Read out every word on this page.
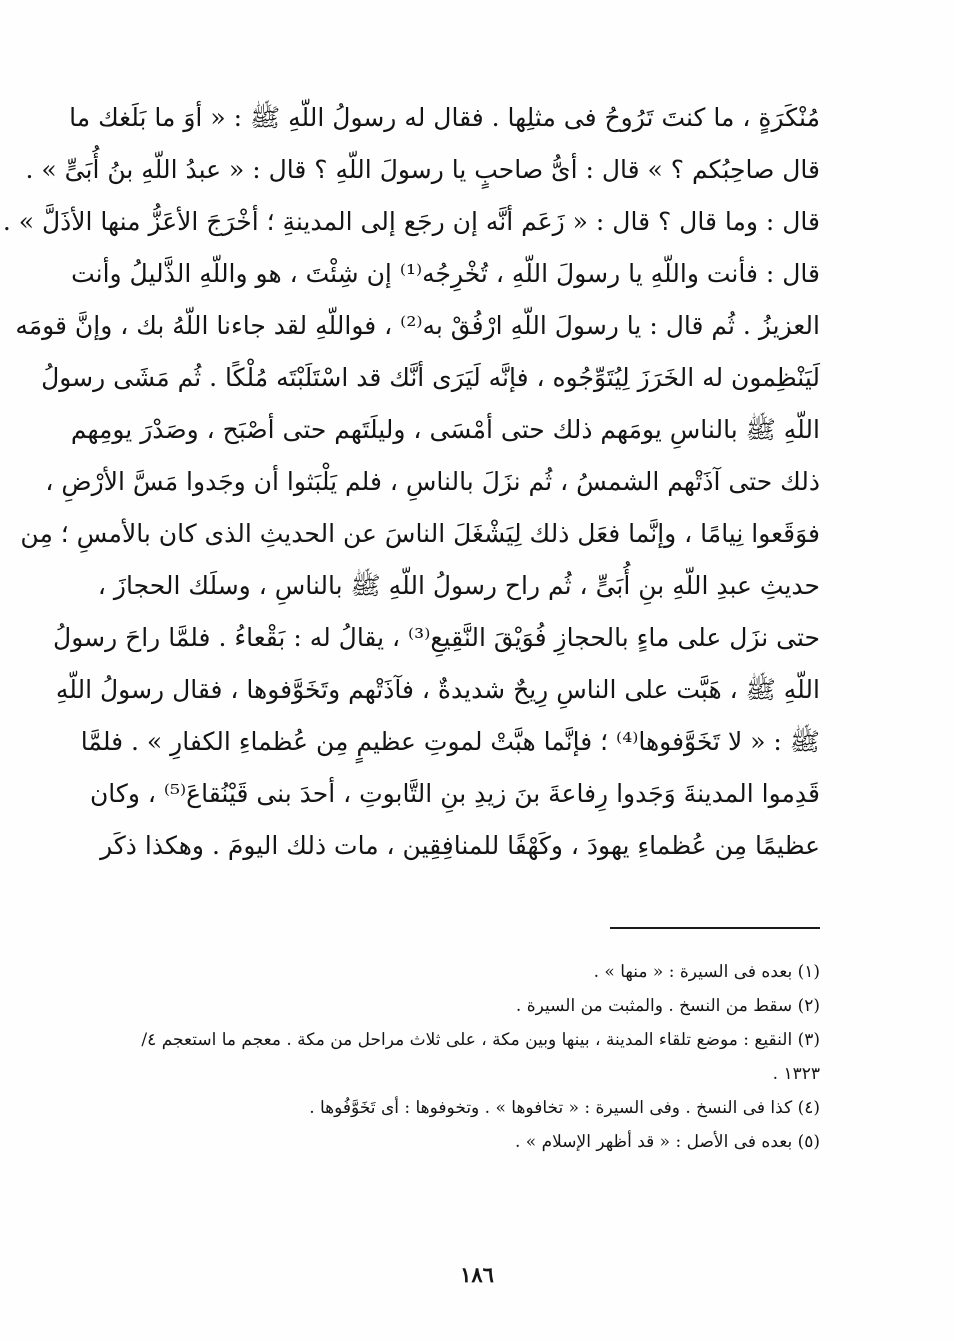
مُنْكَرَةٍ ، ما كنتَ تَرُوحُ فى مثلِها . فقال له رسولُ اللّهِ ﷺ : « أوَ ما بَلَغك ما
قال صاحِبُكم ؟ » قال : أىُّ صاحبٍ يا رسولَ اللّهِ ؟ قال : « عبدُ اللّهِ بنُ أُبَىٍّ » .
قال : وما قال ؟ قال : « زَعَم أنَّه إن رجَع إلى المدينةِ ؛ أخْرَجَ الأعَزُّ منها الأذَلَّ » .
قال : فأنت واللّهِ يا رسولَ اللّهِ ، تُخْرِجُه⁽¹⁾ إن شِئْتَ ، هو واللّهِ الذَّليلُ وأنت
العزيزُ . ثُم قال : يا رسولَ اللّهِ ارْفُقْ به⁽²⁾ ، فواللّهِ لقد جاءنا اللّهُ بك ، وإنَّ قومَه
لَيَنْظِمون له الخَرَزَ لِيُتَوِّجُوه ، فإنَّه لَيَرَى أنَّك قد اسْتَلَبْتَه مُلْكًا . ثُم مَشَى رسولُ
اللّهِ ﷺ بالناسِ يومَهم ذلك حتى أمْسَى ، وليلَتَهم حتى أصْبَح ، وصَدْرَ يومِهم
ذلك حتى آذَتْهم الشمسُ ، ثُم نزَلَ بالناسِ ، فلم يَلْبَثوا أن وجَدوا مَسَّ الأرْضِ ،
فوَقَعوا نِيامًا ، وإنَّما فعَل ذلك لِيَشْغَلَ الناسَ عن الحديثِ الذى كان بالأمسِ ؛ مِن
حديثِ عبدِ اللّهِ بنِ أُبَىٍّ ، ثُم راح رسولُ اللّهِ ﷺ بالناسِ ، وسلَك الحجازَ ،
حتى نزَل على ماءٍ بالحجازِ فُوَيْقَ النَّقِيعِ⁽³⁾ ، يقالُ له : بَقْعاءُ . فلمَّا راحَ رسولُ
اللّهِ ﷺ ، هَبَّت على الناسِ رِيحٌ شديدةٌ ، فآذَتْهم وتَخَوَّفوها ، فقال رسولُ اللّهِ
ﷺ : « لا تَخَوَّفوها⁽⁴⁾ ؛ فإنَّما هبَّتْ لموتِ عظيمٍ مِن عُظماءِ الكفارِ » . فلمَّا
قَدِموا المدينةَ وَجَدوا رِفاعةَ بنَ زيدِ بنِ التَّابوتِ ، أحدَ بنى قَيْنُقاعَ⁽⁵⁾ ، وكان
عظيمًا مِن عُظماءِ يهودَ ، وكَهْفًا للمنافِقِين ، مات ذلك اليومَ . وهكذا ذكَر
(١) بعده فى السيرة : « منها » .
(٢) سقط من النسخ . والمثبت من السيرة .
(٣) النقيع : موضع تلقاء المدينة ، بينها وبين مكة ، على ثلاث مراحل من مكة . معجم ما استعجم ٤/
١٣٢٣ .
(٤) كذا فى النسخ . وفى السيرة : « تخافوها » . وتخوفوها : أى تَخَوَّفُوها .
(٥) بعده فى الأصل : « قد أظهر الإسلام » .
١٨٦
